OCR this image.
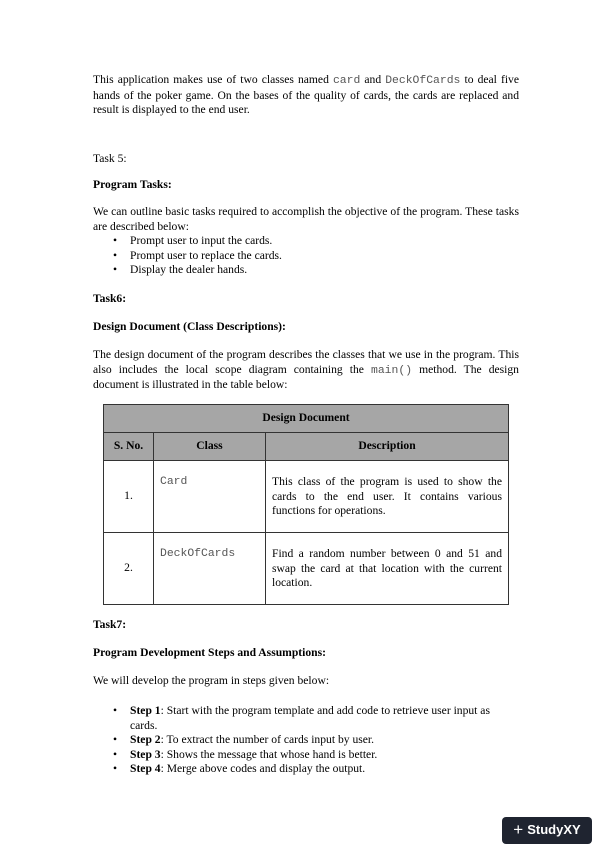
This application makes use of two classes named card and DeckOfCards to deal five hands of the poker game. On the bases of the quality of cards, the cards are replaced and result is displayed to the end user.

Task 5:

Program Tasks:

We can outline basic tasks required to accomplish the objective of the program. These tasks are described below:

• Prompt user to input the cards.
• Prompt user to replace the cards.
• Display the dealer hands.

Task6:

Design Document (Class Descriptions):

The design document of the program describes the classes that we use in the program. This also includes the local scope diagram containing the main() method. The design document is illustrated in the table below:

Design Document		
S. No.	Class	Description
1.	Card	This class of the program is used to show the cards to the end user. It contains various functions for operations.
2.	DeckOfCards	Find a random number between 0 and 51 and swap the card at that location with the current location.

Task7:

Program Development Steps and Assumptions:

We will develop the program in steps given below:

• Step 1: Start with the program template and add code to retrieve user input as cards.
• Step 2: To extract the number of cards input by user.
• Step 3: Shows the message that whose hand is better.
• Step 4: Merge above codes and display the output.
+ StudyXY
